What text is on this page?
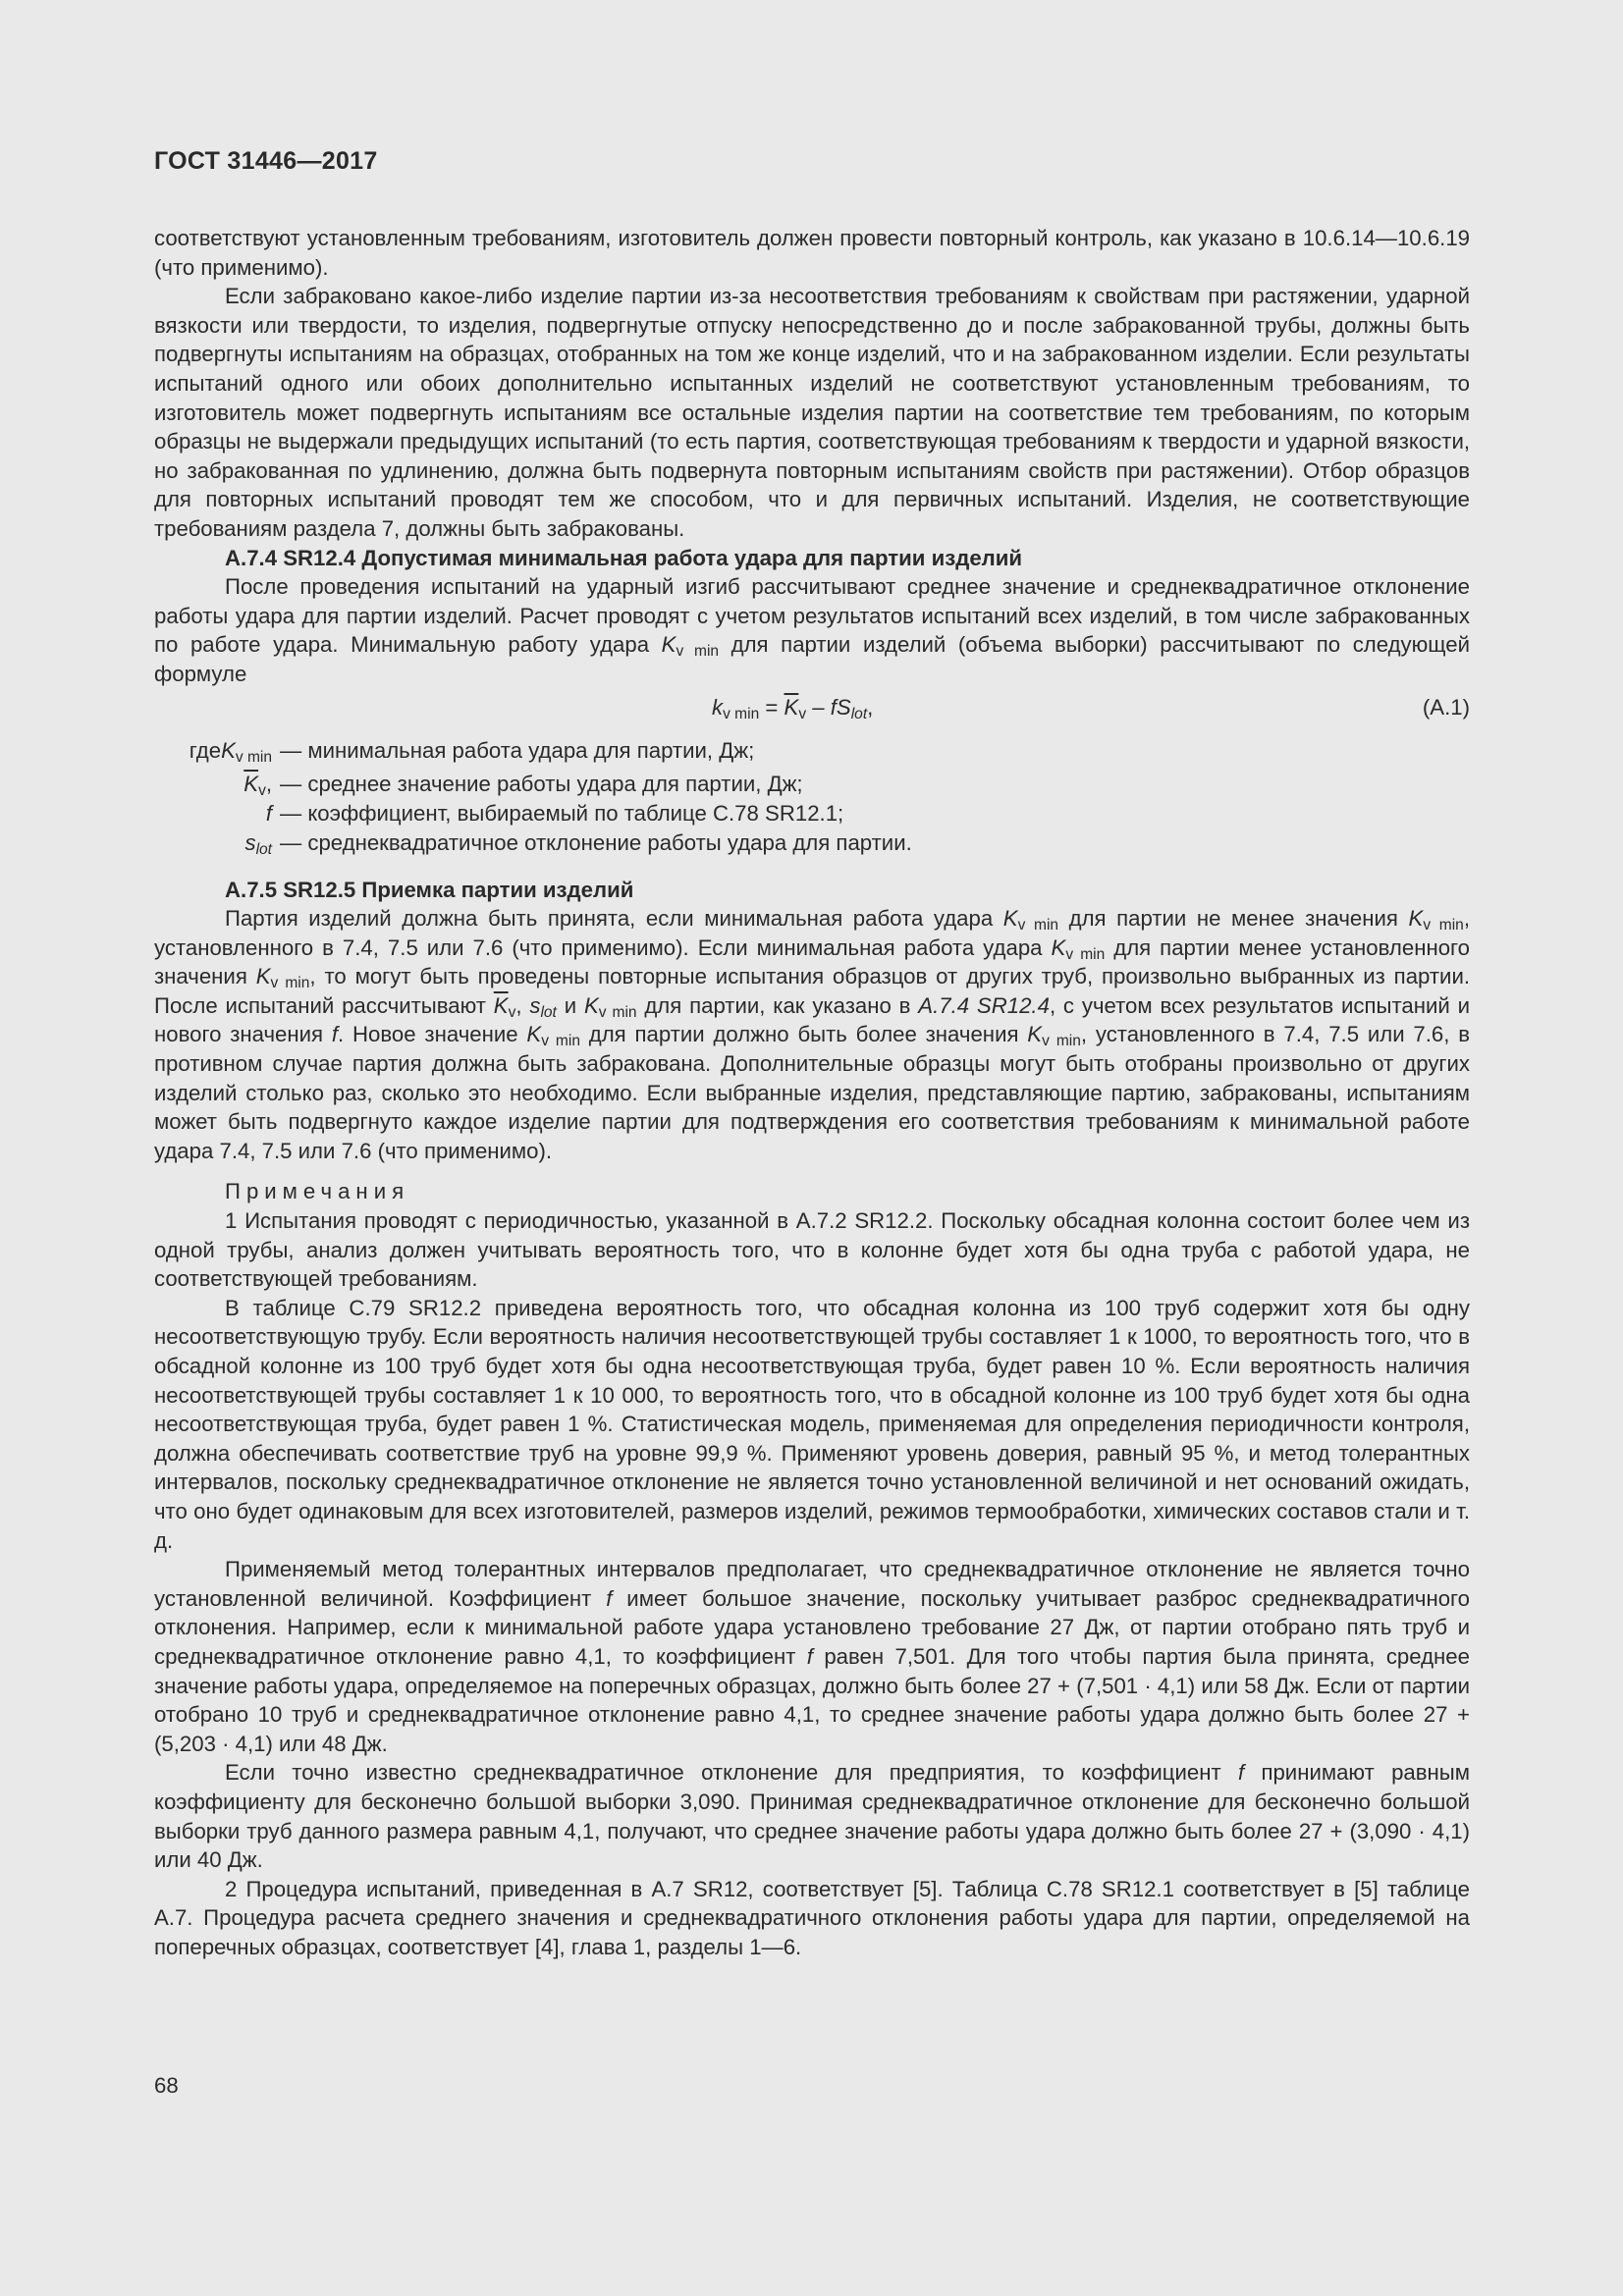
ГОСТ 31446—2017

соответствуют установленным требованиям, изготовитель должен провести повторный контроль, как указано в 10.6.14—10.6.19 (что применимо).

Если забраковано какое-либо изделие партии из-за несоответствия требованиям к свойствам при растяжении, ударной вязкости или твердости, то изделия, подвергнутые отпуску непосредственно до и после забракованной трубы, должны быть подвергнуты испытаниям на образцах, отобранных на том же конце изделий, что и на забракованном изделии. Если результаты испытаний одного или обоих дополнительно испытанных изделий не соответствуют установленным требованиям, то изготовитель может подвергнуть испытаниям все остальные изделия партии на соответствие тем требованиям, по которым образцы не выдержали предыдущих испытаний (то есть партия, соответствующая требованиям к твердости и ударной вязкости, но забракованная по удлинению, должна быть подвернута повторным испытаниям свойств при растяжении). Отбор образцов для повторных испытаний проводят тем же способом, что и для первичных испытаний. Изделия, не соответствующие требованиям раздела 7, должны быть забракованы.

А.7.4 SR12.4 Допустимая минимальная работа удара для партии изделий

После проведения испытаний на ударный изгиб рассчитывают среднее значение и среднеквадратичное отклонение работы удара для партии изделий. Расчет проводят с учетом результатов испытаний всех изделий, в том числе забракованных по работе удара. Минимальную работу удара $K_{v min}$ для партии изделий (объема выборки) рассчитывают по следующей формуле

$k_{v min} = \overline{K}_v - fS_{lot}$,	(А.1)
гдеK$_{v min}$ — минимальная работа удара для партии, Дж;
$\overline{K}_v$, — среднее значение работы удара для партии, Дж;
f — коэффициент, выбираемый по таблице С.78 SR12.1;
$s_{lot}$ — среднеквадратичное отклонение работы удара для партии.

А.7.5 SR12.5 Приемка партии изделий

Партия изделий должна быть принята, если минимальная работа удара $K_{v min}$ для партии не менее значения $K_{v min}$, установленного в 7.4, 7.5 или 7.6 (что применимо). Если минимальная работа удара $K_{v min}$ для партии менее установленного значения $K_{v min}$, то могут быть проведены повторные испытания образцов от других труб, произвольно выбранных из партии. После испытаний рассчитывают $\overline{K}_v$, $s_{lot}$ и $K_{v min}$ для партии, как указано в А.7.4 SR12.4, с учетом всех результатов испытаний и нового значения f. Новое значение $K_{v min}$ для партии должно быть более значения $K_{v min}$, установленного в 7.4, 7.5 или 7.6, в противном случае партия должна быть забракована. Дополнительные образцы могут быть отобраны произвольно от других изделий столько раз, сколько это необходимо. Если выбранные изделия, представляющие партию, забракованы, испытаниям может быть подвергнуто каждое изделие партии для подтверждения его соответствия требованиям к минимальной работе удара 7.4, 7.5 или 7.6 (что применимо).

Примечания

1 Испытания проводят с периодичностью, указанной в А.7.2 SR12.2. Поскольку обсадная колонна состоит более чем из одной трубы, анализ должен учитывать вероятность того, что в колонне будет хотя бы одна труба с работой удара, не соответствующей требованиям.

В таблице С.79 SR12.2 приведена вероятность того, что обсадная колонна из 100 труб содержит хотя бы одну несоответствующую трубу. Если вероятность наличия несоответствующей трубы составляет 1 к 1000, то вероятность того, что в обсадной колонне из 100 труб будет хотя бы одна несоответствующая труба, будет равен 10 %. Если вероятность наличия несоответствующей трубы составляет 1 к 10 000, то вероятность того, что в обсадной колонне из 100 труб будет хотя бы одна несоответствующая труба, будет равен 1 %. Статистическая модель, применяемая для определения периодичности контроля, должна обеспечивать соответствие труб на уровне 99,9 %. Применяют уровень доверия, равный 95 %, и метод толерантных интервалов, поскольку среднеквадратичное отклонение не является точно установленной величиной и нет оснований ожидать, что оно будет одинаковым для всех изготовителей, размеров изделий, режимов термообработки, химических составов стали и т. д.

Применяемый метод толерантных интервалов предполагает, что среднеквадратичное отклонение не является точно установленной величиной. Коэффициент f имеет большое значение, поскольку учитывает разброс среднеквадратичного отклонения. Например, если к минимальной работе удара установлено требование 27 Дж, от партии отобрано пять труб и среднеквадратичное отклонение равно 4,1, то коэффициент f равен 7,501. Для того чтобы партия была принята, среднее значение работы удара, определяемое на поперечных образцах, должно быть более 27 + (7,501 · 4,1) или 58 Дж. Если от партии отобрано 10 труб и среднеквадратичное отклонение равно 4,1, то среднее значение работы удара должно быть более 27 + (5,203 · 4,1) или 48 Дж.

Если точно известно среднеквадратичное отклонение для предприятия, то коэффициент f принимают равным коэффициенту для бесконечно большой выборки 3,090. Принимая среднеквадратичное отклонение для бесконечно большой выборки труб данного размера равным 4,1, получают, что среднее значение работы удара должно быть более 27 + (3,090 · 4,1) или 40 Дж.

2 Процедура испытаний, приведенная в А.7 SR12, соответствует [5]. Таблица С.78 SR12.1 соответствует в [5] таблице А.7. Процедура расчета среднего значения и среднеквадратичного отклонения работы удара для партии, определяемой на поперечных образцах, соответствует [4], глава 1, разделы 1—6.

68
